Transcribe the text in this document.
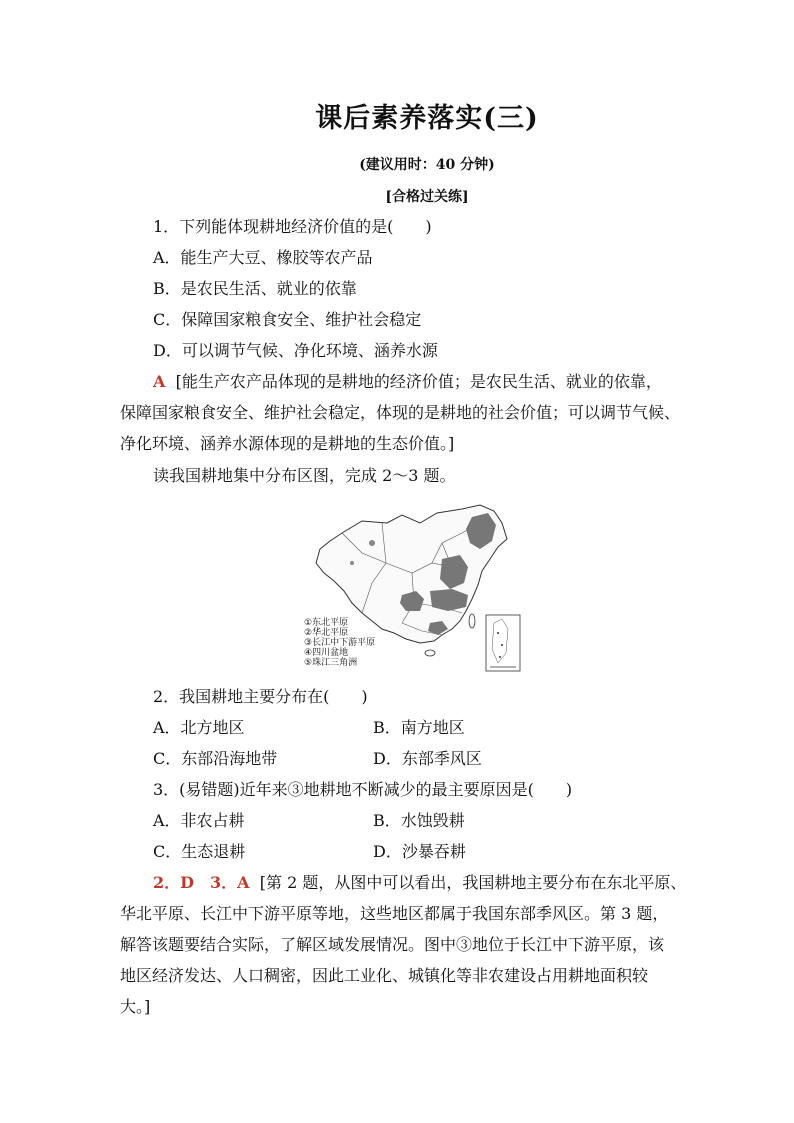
课后素养落实(三)
(建议用时：40 分钟)
[合格过关练]
1．下列能体现耕地经济价值的是(　　)
A．能生产大豆、橡胶等农产品
B．是农民生活、就业的依靠
C．保障国家粮食安全、维护社会稳定
D．可以调节气候、净化环境、涵养水源
A [能生产农产品体现的是耕地的经济价值；是农民生活、就业的依靠，
保障国家粮食安全、维护社会稳定，体现的是耕地的社会价值；可以调节气候、
净化环境、涵养水源体现的是耕地的生态价值。]
读我国耕地集中分布区图，完成 2～3 题。
①东北平原
②华北平原
③长江中下游平原
④四川盆地
⑤珠江三角洲
2．我国耕地主要分布在(　　)
A．北方地区	B．南方地区
C．东部沿海地带	D．东部季风区
3．(易错题)近年来③地耕地不断减少的最主要原因是(　　)
A．非农占耕	B．水蚀毁耕
C．生态退耕	D．沙暴吞耕
2．D　3．A [第 2 题，从图中可以看出，我国耕地主要分布在东北平原、
华北平原、长江中下游平原等地，这些地区都属于我国东部季风区。第 3 题，
解答该题要结合实际，了解区域发展情况。图中③地位于长江中下游平原，该
地区经济发达、人口稠密，因此工业化、城镇化等非农建设占用耕地面积较
大。]
